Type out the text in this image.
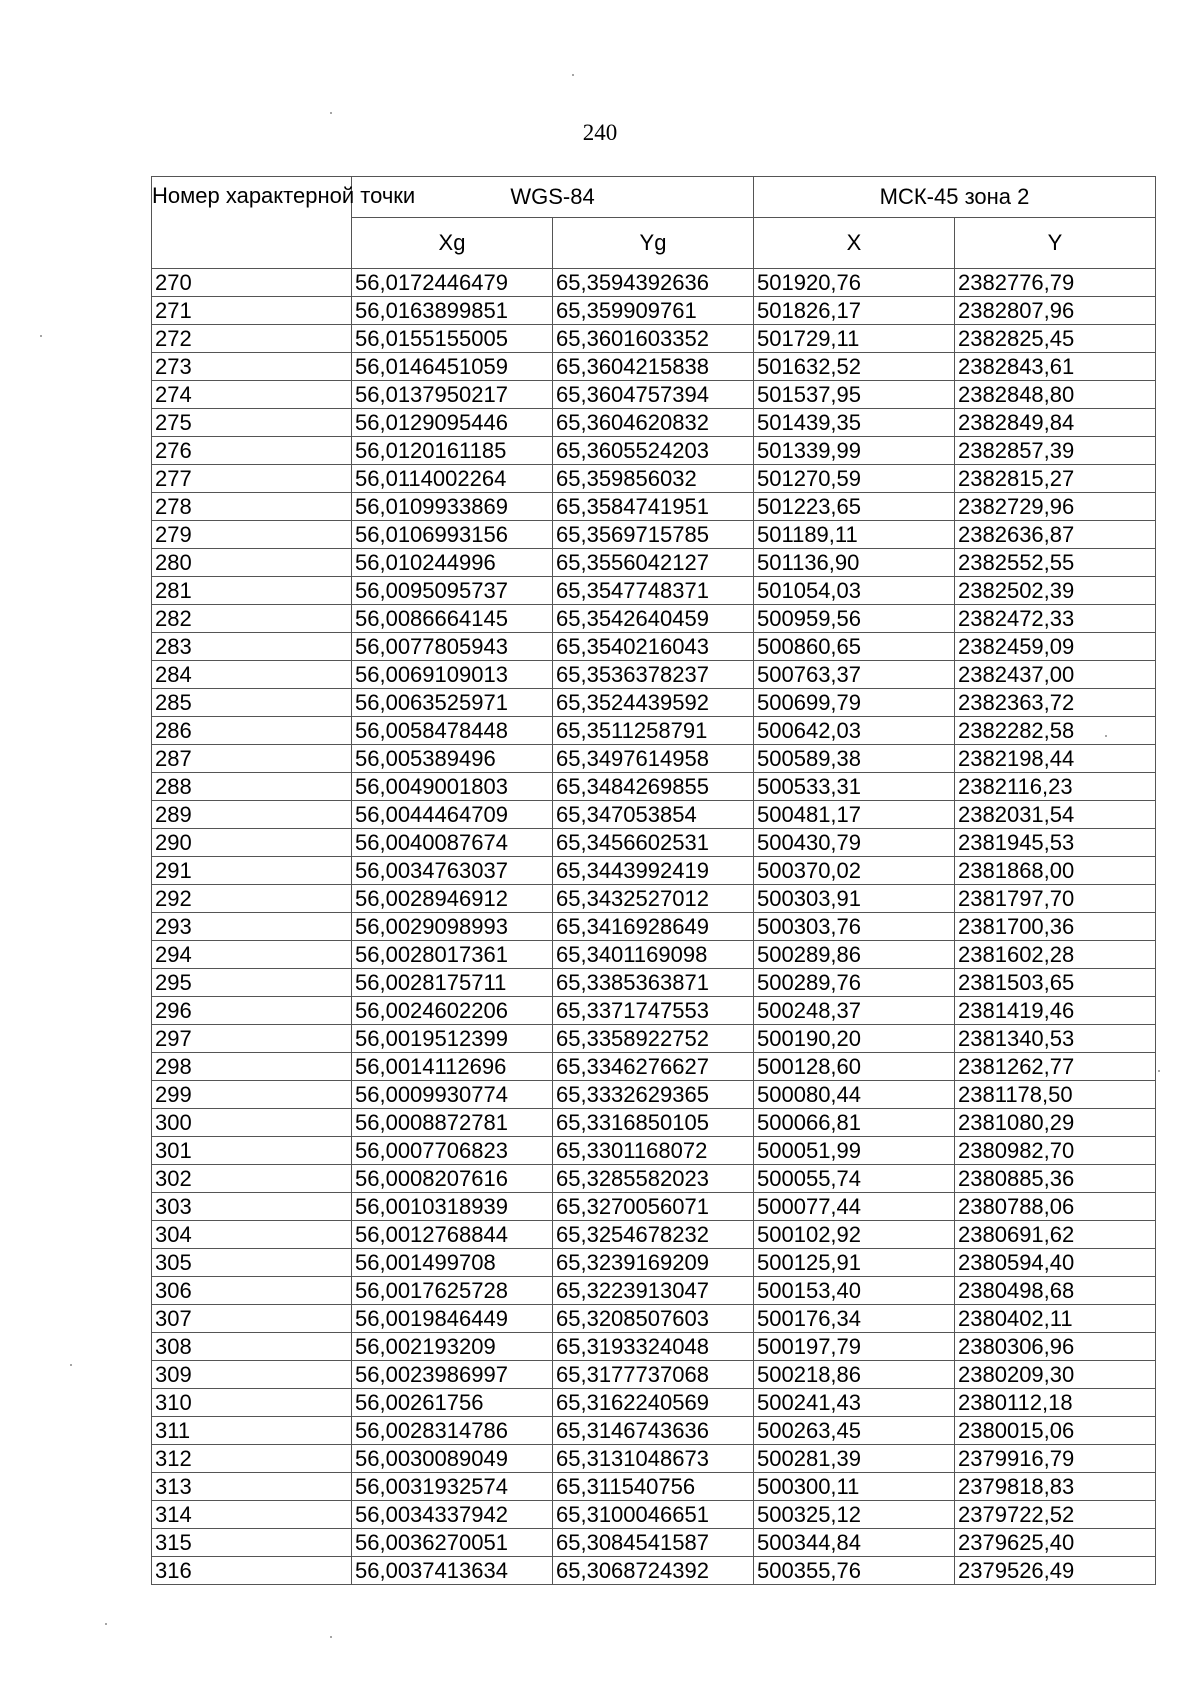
240
Номер характерной точки	WGS-84		МСК-45 зона 2	
	Xg	Yg	X	Y
270	56,0172446479	65,3594392636	501920,76	2382776,79
271	56,0163899851	65,359909761	501826,17	2382807,96
272	56,0155155005	65,3601603352	501729,11	2382825,45
273	56,0146451059	65,3604215838	501632,52	2382843,61
274	56,0137950217	65,3604757394	501537,95	2382848,80
275	56,0129095446	65,3604620832	501439,35	2382849,84
276	56,0120161185	65,3605524203	501339,99	2382857,39
277	56,0114002264	65,359856032	501270,59	2382815,27
278	56,0109933869	65,3584741951	501223,65	2382729,96
279	56,0106993156	65,3569715785	501189,11	2382636,87
280	56,010244996	65,3556042127	501136,90	2382552,55
281	56,0095095737	65,3547748371	501054,03	2382502,39
282	56,0086664145	65,3542640459	500959,56	2382472,33
283	56,0077805943	65,3540216043	500860,65	2382459,09
284	56,0069109013	65,3536378237	500763,37	2382437,00
285	56,0063525971	65,3524439592	500699,79	2382363,72
286	56,0058478448	65,3511258791	500642,03	2382282,58
287	56,005389496	65,3497614958	500589,38	2382198,44
288	56,0049001803	65,3484269855	500533,31	2382116,23
289	56,0044464709	65,347053854	500481,17	2382031,54
290	56,0040087674	65,3456602531	500430,79	2381945,53
291	56,0034763037	65,3443992419	500370,02	2381868,00
292	56,0028946912	65,3432527012	500303,91	2381797,70
293	56,0029098993	65,3416928649	500303,76	2381700,36
294	56,0028017361	65,3401169098	500289,86	2381602,28
295	56,0028175711	65,3385363871	500289,76	2381503,65
296	56,0024602206	65,3371747553	500248,37	2381419,46
297	56,0019512399	65,3358922752	500190,20	2381340,53
298	56,0014112696	65,3346276627	500128,60	2381262,77
299	56,0009930774	65,3332629365	500080,44	2381178,50
300	56,0008872781	65,3316850105	500066,81	2381080,29
301	56,0007706823	65,3301168072	500051,99	2380982,70
302	56,0008207616	65,3285582023	500055,74	2380885,36
303	56,0010318939	65,3270056071	500077,44	2380788,06
304	56,0012768844	65,3254678232	500102,92	2380691,62
305	56,001499708	65,3239169209	500125,91	2380594,40
306	56,0017625728	65,3223913047	500153,40	2380498,68
307	56,0019846449	65,3208507603	500176,34	2380402,11
308	56,002193209	65,3193324048	500197,79	2380306,96
309	56,0023986997	65,3177737068	500218,86	2380209,30
310	56,00261756	65,3162240569	500241,43	2380112,18
311	56,0028314786	65,3146743636	500263,45	2380015,06
312	56,0030089049	65,3131048673	500281,39	2379916,79
313	56,0031932574	65,311540756	500300,11	2379818,83
314	56,0034337942	65,3100046651	500325,12	2379722,52
315	56,0036270051	65,3084541587	500344,84	2379625,40
316	56,0037413634	65,3068724392	500355,76	2379526,49
